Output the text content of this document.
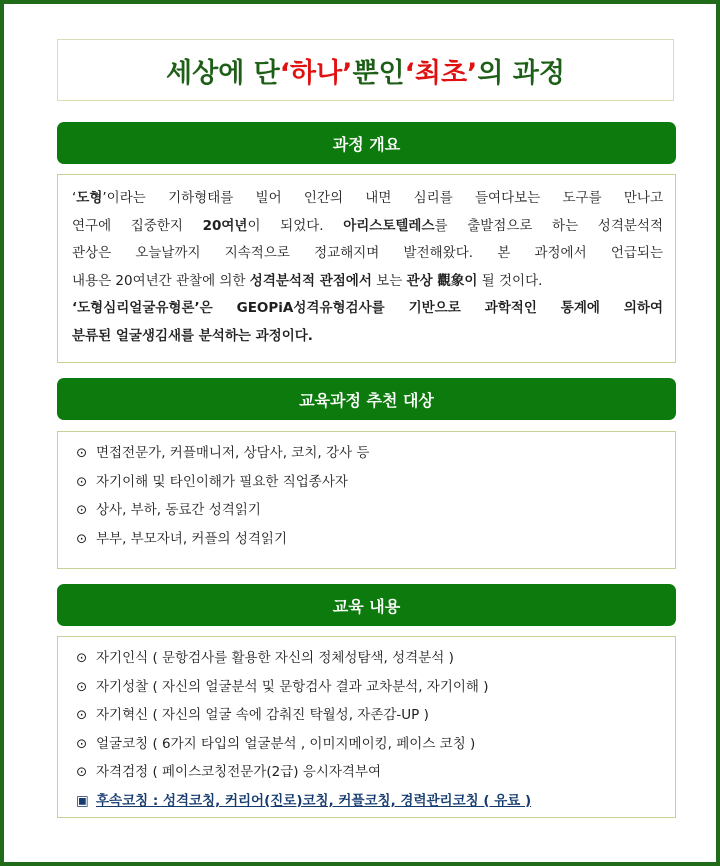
세상에 단 ‘하나’ 뿐인 ‘최초’ 의 과정
과정 개요

‘도형’이라는 기하형태를 빌어 인간의 내면 심리를 들여다보는 도구를 만나고

연구에 집중한지 20여년이 되었다. 아리스토텔레스를 출발점으로 하는 성격분석적

관상은 오늘날까지 지속적으로 정교해지며 발전해왔다. 본 과정에서 언급되는

내용은 20여년간 관찰에 의한 성격분석적 관점에서 보는 관상 觀象이 될 것이다.

‘도형심리얼굴유형론’은 GEOPiA성격유형검사를 기반으로 과학적인 통계에 의하여

분류된 얼굴생김새를 분석하는 과정이다.

교육과정 추천 대상
⊙ 면접전문가, 커플매니저, 상담사, 코치, 강사 등
⊙ 자기이해 및 타인이해가 필요한 직업종사자
⊙ 상사, 부하, 동료간 성격읽기
⊙ 부부, 부모자녀, 커플의 성격읽기
교육 내용
⊙ 자기인식 ( 문항검사를 활용한 자신의 정체성탐색, 성격분석 )
⊙ 자기성찰 ( 자신의 얼굴분석 및 문항검사 결과 교차분석, 자기이해 )
⊙ 자기혁신 ( 자신의 얼굴 속에 감춰진 탁월성, 자존감-UP )
⊙ 얼굴코칭 ( 6가지 타입의 얼굴분석 , 이미지메이킹, 페이스 코칭 )
⊙ 자격검정 ( 페이스코칭전문가(2급) 응시자격부여
▣ 후속코칭 : 성격코칭, 커리어(진로)코칭, 커플코칭, 경력관리코칭 ( 유료 )
